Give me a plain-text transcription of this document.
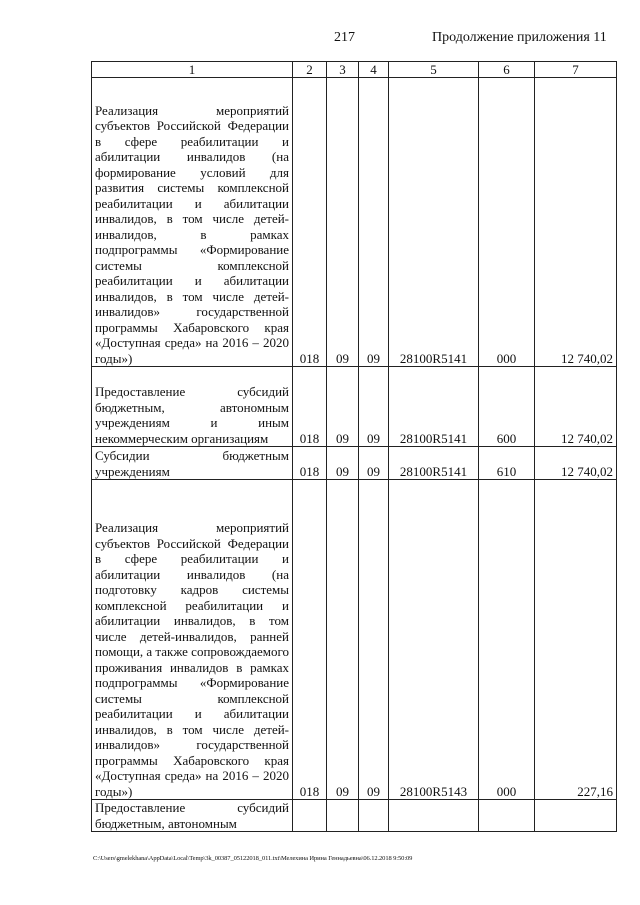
217	Продолжение приложения 11
1	2	3	4	5	6	7
Реализация мероприятий субъектов Российской Федерации в сфере реабилитации и абилитации инвалидов (на формирование условий для развития системы комплексной реабилитации и абилитации инвалидов, в том числе детей-инвалидов, в рамках подпрограммы «Формирование системы комплексной реабилитации и абилитации инвалидов, в том числе детей-инвалидов» государственной программы Хабаровского края «Доступная среда» на 2016 – 2020 годы»)	018	09	09	28100R5141	000	12 740,02
Предоставление субсидий бюджетным, автономным учреждениям и иным некоммерческим организациям	018	09	09	28100R5141	600	12 740,02
Субсидии бюджетным учреждениям	018	09	09	28100R5141	610	12 740,02
Реализация мероприятий субъектов Российской Федерации в сфере реабилитации и абилитации инвалидов (на подготовку кадров системы комплексной реабилитации и абилитации инвалидов, в том числе детей-инвалидов, ранней помощи, а также сопровождаемого проживания инвалидов в рамках подпрограммы «Формирование системы комплексной реабилитации и абилитации инвалидов, в том числе детей-инвалидов» государственной программы Хабаровского края «Доступная среда» на 2016 – 2020 годы»)	018	09	09	28100R5143	000	227,16
Предоставление субсидий бюджетным, автономным						
C:\Users\gmelekhana\AppData\Local\Temp\3k_00387_05122018_011.txt\Мелехина Ирина Геннадьевна\06.12.2018 9:50:09
